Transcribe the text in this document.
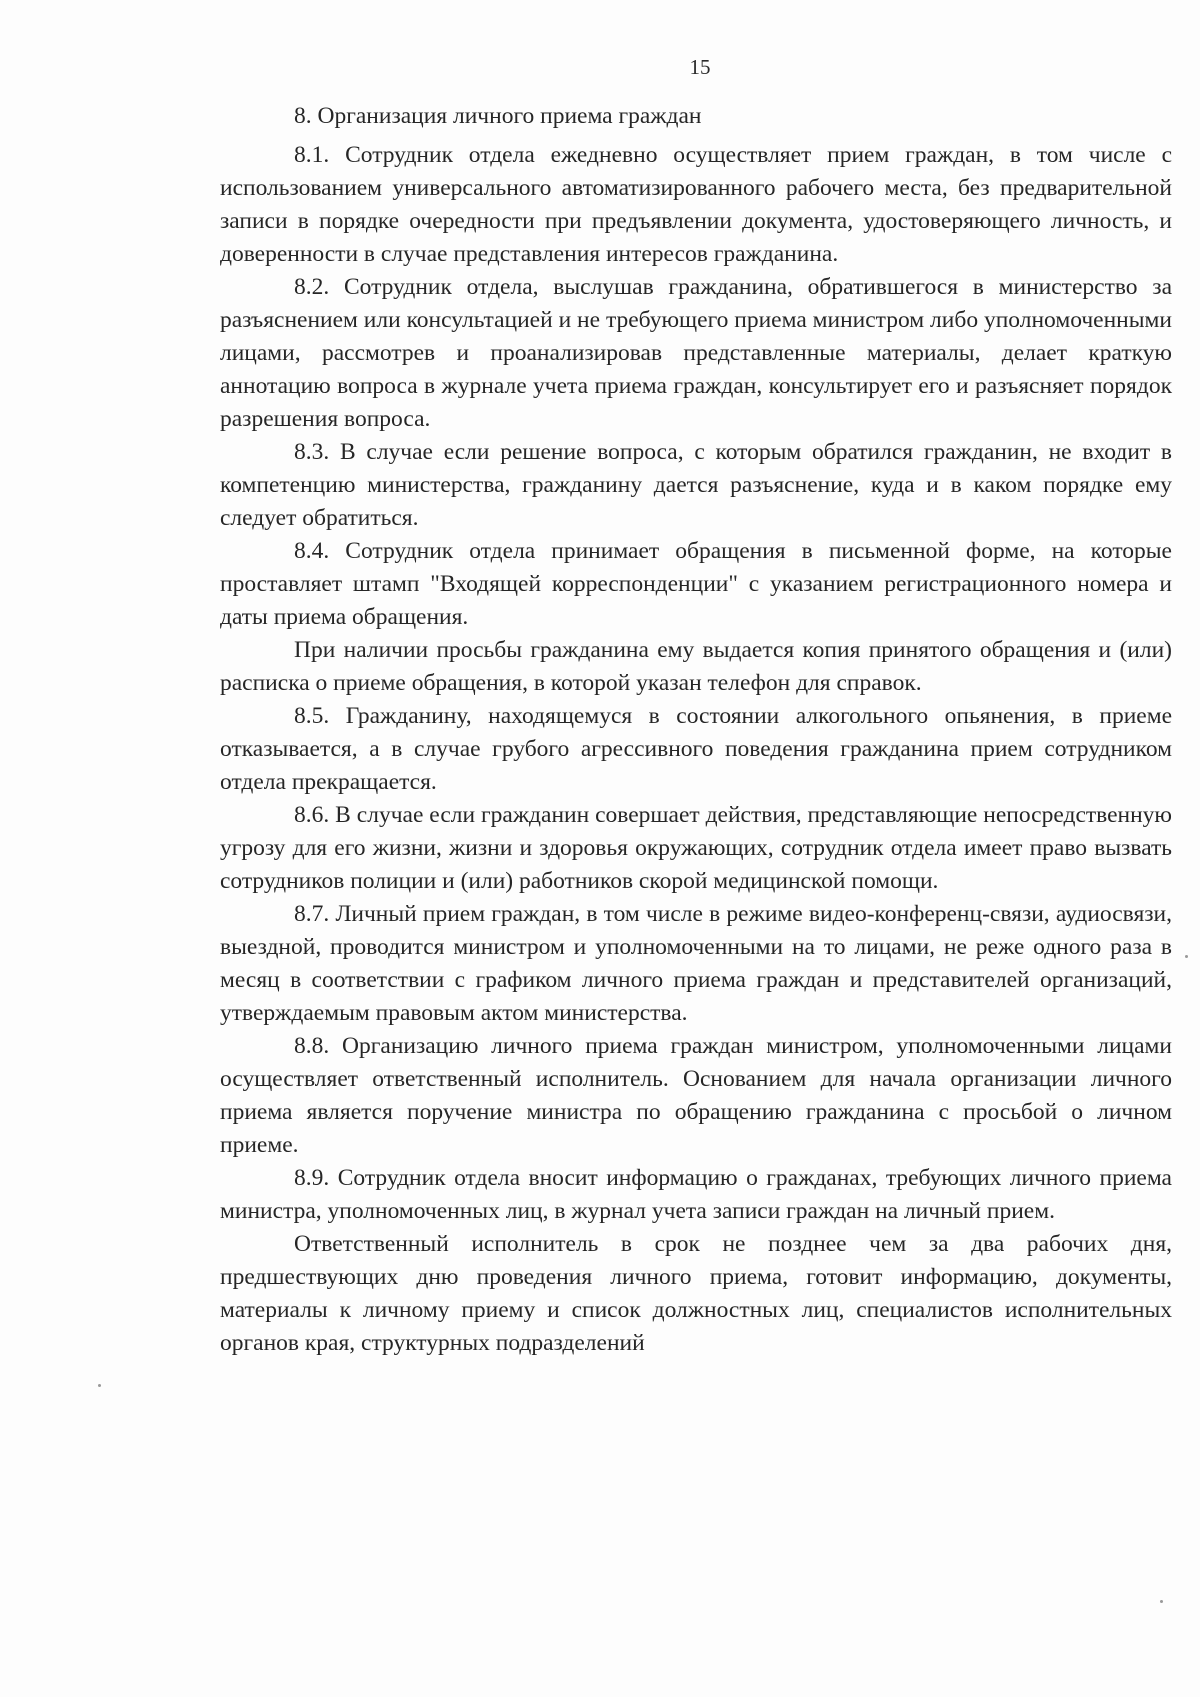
15
8. Организация личного приема граждан

8.1. Сотрудник отдела ежедневно осуществляет прием граждан, в том числе с использованием универсального автоматизированного рабочего места, без предварительной записи в порядке очередности при предъявлении документа, удостоверяющего личность, и доверенности в случае представления интересов гражданина.

8.2. Сотрудник отдела, выслушав гражданина, обратившегося в министерство за разъяснением или консультацией и не требующего приема министром либо уполномоченными лицами, рассмотрев и проанализировав представленные материалы, делает краткую аннотацию вопроса в журнале учета приема граждан, консультирует его и разъясняет порядок разрешения вопроса.

8.3. В случае если решение вопроса, с которым обратился гражданин, не входит в компетенцию министерства, гражданину дается разъяснение, куда и в каком порядке ему следует обратиться.

8.4. Сотрудник отдела принимает обращения в письменной форме, на которые проставляет штамп "Входящей корреспонденции" с указанием регистрационного номера и даты приема обращения.

При наличии просьбы гражданина ему выдается копия принятого обращения и (или) расписка о приеме обращения, в которой указан телефон для справок.

8.5. Гражданину, находящемуся в состоянии алкогольного опьянения, в приеме отказывается, а в случае грубого агрессивного поведения гражданина прием сотрудником отдела прекращается.

8.6. В случае если гражданин совершает действия, представляющие непосредственную угрозу для его жизни, жизни и здоровья окружающих, сотрудник отдела имеет право вызвать сотрудников полиции и (или) работников скорой медицинской помощи.

8.7. Личный прием граждан, в том числе в режиме видео-конференц-связи, аудиосвязи, выездной, проводится министром и уполномоченными на то лицами, не реже одного раза в месяц в соответствии с графиком личного приема граждан и представителей организаций, утверждаемым правовым актом министерства.

8.8. Организацию личного приема граждан министром, уполномоченными лицами осуществляет ответственный исполнитель. Основанием для начала организации личного приема является поручение министра по обращению гражданина с просьбой о личном приеме.

8.9. Сотрудник отдела вносит информацию о гражданах, требующих личного приема министра, уполномоченных лиц, в журнал учета записи граждан на личный прием.

Ответственный исполнитель в срок не позднее чем за два рабочих дня, предшествующих дню проведения личного приема, готовит информацию, документы, материалы к личному приему и список должностных лиц, специалистов исполнительных органов края, структурных подразделений
